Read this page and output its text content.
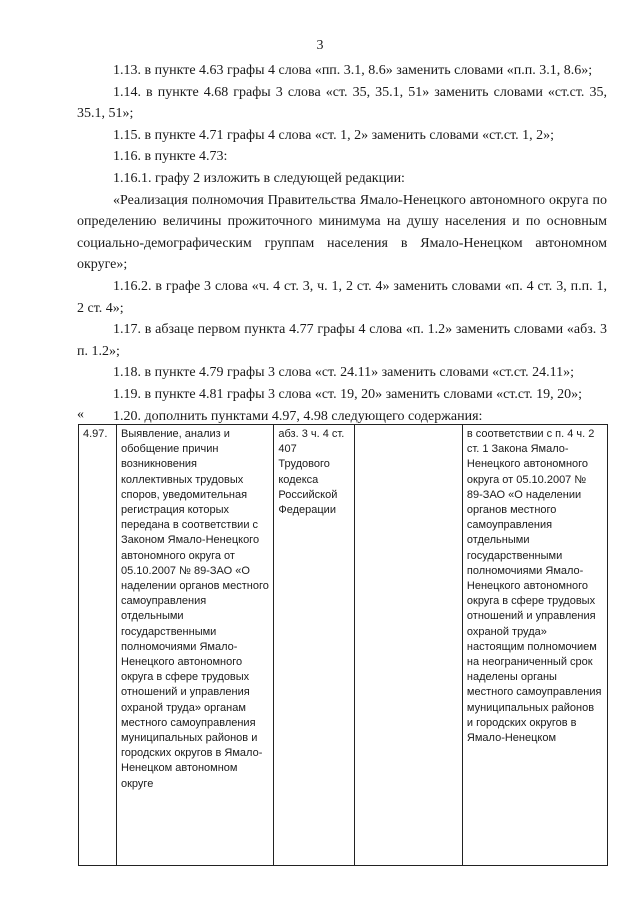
3

1.13. в пункте 4.63 графы 4 слова «пп. 3.1, 8.6» заменить словами «п.п. 3.1, 8.6»;

1.14. в пункте 4.68 графы 3 слова «ст. 35, 35.1, 51» заменить словами «ст.ст. 35, 35.1, 51»;

1.15. в пункте 4.71 графы 4 слова «ст. 1, 2» заменить словами «ст.ст. 1, 2»;

1.16. в пункте 4.73:

1.16.1. графу 2 изложить в следующей редакции:

«Реализация полномочия Правительства Ямало-Ненецкого автономного округа по определению величины прожиточного минимума на душу населения и по основным социально-демографическим группам населения в Ямало-Ненецком автономном округе»;

1.16.2. в графе 3 слова «ч. 4 ст. 3, ч. 1, 2 ст. 4» заменить словами «п. 4 ст. 3, п.п. 1, 2 ст. 4»;

1.17. в абзаце первом пункта 4.77 графы 4 слова «п. 1.2» заменить словами «абз. 3 п. 1.2»;

1.18. в пункте 4.79 графы 3 слова «ст. 24.11» заменить словами «ст.ст. 24.11»;

1.19. в пункте 4.81 графы 3 слова «ст. 19, 20» заменить словами «ст.ст. 19, 20»;

1.20. дополнить пунктами 4.97, 4.98 следующего содержания:

«
4.97.	Выявление, анализ и обобщение причин возникновения коллективных трудовых споров, уведомительная регистрация которых передана в соответствии с Законом Ямало-Ненецкого автономного округа от 05.10.2007 № 89-ЗАО «О наделении органов местного самоуправления отдельными государственными полномочиями Ямало-Ненецкого автономного округа в сфере трудовых отношений и управления охраной труда» органам местного самоуправления муниципальных районов и городских округов в Ямало-Ненецком автономном округе	абз. 3 ч. 4 ст. 407 Трудового кодекса Российской Федерации		в соответствии с п. 4 ч. 2 ст. 1 Закона Ямало-Ненецкого автономного округа от 05.10.2007 № 89-ЗАО «О наделении органов местного самоуправления отдельными государственными полномочиями Ямало-Ненецкого автономного округа в сфере трудовых отношений и управления охраной труда» настоящим полномочием на неограниченный срок наделены органы местного самоуправления муниципальных районов и городских округов в Ямало-Ненецком
